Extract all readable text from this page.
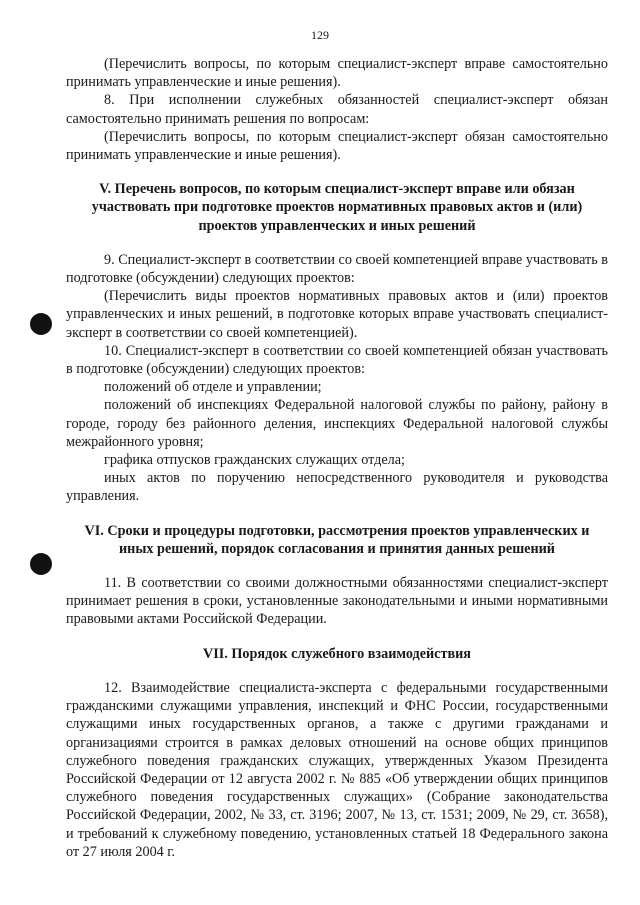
129

(Перечислить вопросы, по которым специалист-эксперт вправе самостоятельно принимать управленческие и иные решения).

8. При исполнении служебных обязанностей специалист-эксперт обязан самостоятельно принимать решения по вопросам:

(Перечислить вопросы, по которым специалист-эксперт обязан самостоятельно принимать управленческие и иные решения).

V. Перечень вопросов, по которым специалист-эксперт вправе или обязан участвовать при подготовке проектов нормативных правовых актов и (или) проектов управленческих и иных решений

9. Специалист-эксперт в соответствии со своей компетенцией вправе участвовать в подготовке (обсуждении) следующих проектов:

(Перечислить виды проектов нормативных правовых актов и (или) проектов управленческих и иных решений, в подготовке которых вправе участвовать специалист-эксперт в соответствии со своей компетенцией).

10. Специалист-эксперт в соответствии со своей компетенцией обязан участвовать в подготовке (обсуждении) следующих проектов:

положений об отделе и управлении;

положений об инспекциях Федеральной налоговой службы по району, району в городе, городу без районного деления, инспекциях Федеральной налоговой службы межрайонного уровня;

графика отпусков гражданских служащих отдела;

иных актов по поручению непосредственного руководителя и руководства управления.

VI. Сроки и процедуры подготовки, рассмотрения проектов управленческих и иных решений, порядок согласования и принятия данных решений

11. В соответствии со своими должностными обязанностями специалист-эксперт принимает решения в сроки, установленные законодательными и иными нормативными правовыми актами Российской Федерации.

VII. Порядок служебного взаимодействия

12. Взаимодействие специалиста-эксперта с федеральными государственными гражданскими служащими управления, инспекций и ФНС России, государственными служащими иных государственных органов, а также с другими гражданами и организациями строится в рамках деловых отношений на основе общих принципов служебного поведения гражданских служащих, утвержденных Указом Президента Российской Федерации от 12 августа 2002 г. № 885 «Об утверждении общих принципов служебного поведения государственных служащих» (Собрание законодательства Российской Федерации, 2002, № 33, ст. 3196; 2007, № 13, ст. 1531; 2009, № 29, ст. 3658), и требований к служебному поведению, установленных статьей 18 Федерального закона от 27 июля 2004 г.
